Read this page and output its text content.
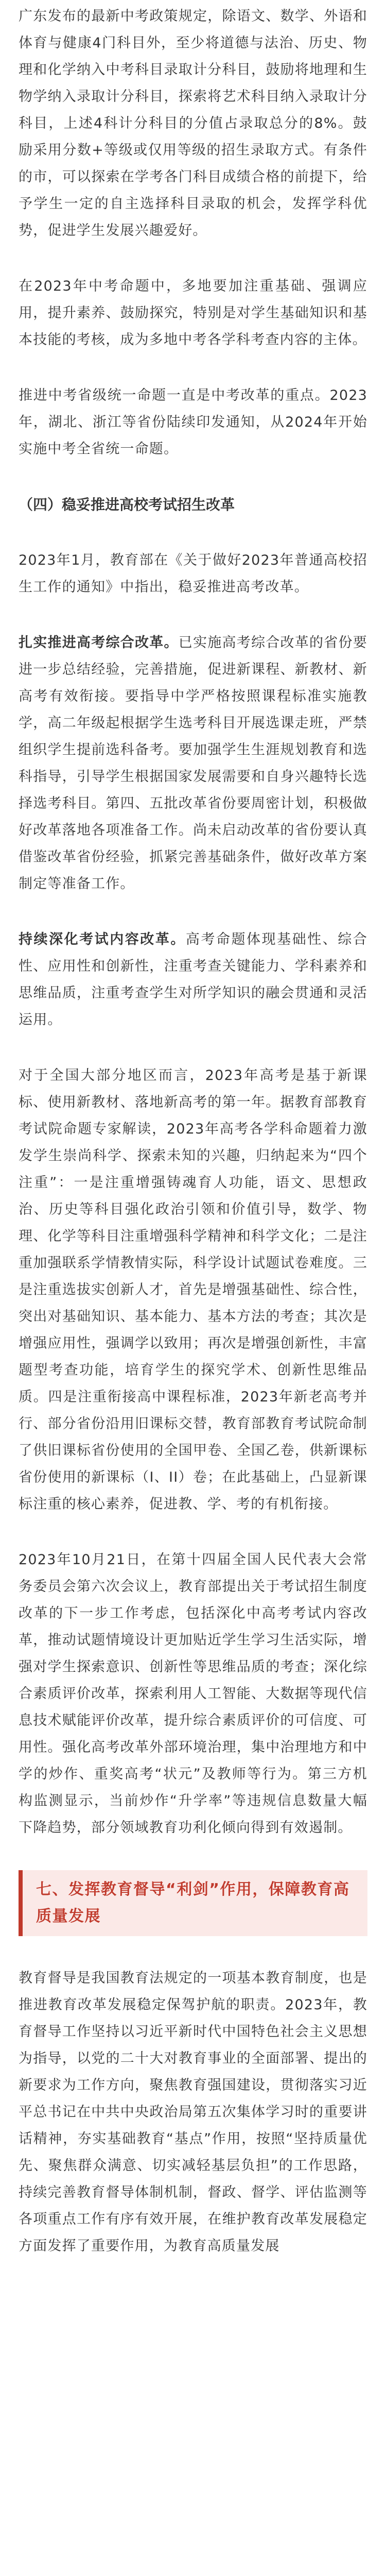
广东发布的最新中考政策规定，除语文、数学、外语和体育与健康4门科目外，至少将道德与法治、历史、物理和化学纳入中考科目录取计分科目，鼓励将地理和生物学纳入录取计分科目，探索将艺术科目纳入录取计分科目，上述4科计分科目的分值占录取总分的8%。鼓励采用分数+等级或仅用等级的招生录取方式。有条件的市，可以探索在学考各门科目成绩合格的前提下，给予学生一定的自主选择科目录取的机会，发挥学科优势，促进学生发展兴趣爱好。

在2023年中考命题中，多地要加注重基础、强调应用，提升素养、鼓励探究，特别是对学生基础知识和基本技能的考核，成为多地中考各学科考查内容的主体。

推进中考省级统一命题一直是中考改革的重点。2023年，湖北、浙江等省份陆续印发通知，从2024年开始实施中考全省统一命题。

（四）稳妥推进高校考试招生改革

2023年1月，教育部在《关于做好2023年普通高校招生工作的通知》中指出，稳妥推进高考改革。

扎实推进高考综合改革。已实施高考综合改革的省份要进一步总结经验，完善措施，促进新课程、新教材、新高考有效衔接。要指导中学严格按照课程标准实施教学，高二年级起根据学生选考科目开展选课走班，严禁组织学生提前选科备考。要加强学生生涯规划教育和选科指导，引导学生根据国家发展需要和自身兴趣特长选择选考科目。第四、五批改革省份要周密计划，积极做好改革落地各项准备工作。尚未启动改革的省份要认真借鉴改革省份经验，抓紧完善基础条件，做好改革方案制定等准备工作。

持续深化考试内容改革。高考命题体现基础性、综合性、应用性和创新性，注重考查关键能力、学科素养和思维品质，注重考查学生对所学知识的融会贯通和灵活运用。

对于全国大部分地区而言，2023年高考是基于新课标、使用新教材、落地新高考的第一年。据教育部教育考试院命题专家解读，2023年高考各学科命题着力激发学生崇尚科学、探索未知的兴趣，归纳起来为“四个注重”：一是注重增强铸魂育人功能，语文、思想政治、历史等科目强化政治引领和价值引导，数学、物理、化学等科目注重增强科学精神和科学文化；二是注重加强联系学情教情实际，科学设计试题试卷难度。三是注重选拔实创新人才，首先是增强基础性、综合性，突出对基础知识、基本能力、基本方法的考查；其次是增强应用性，强调学以致用；再次是增强创新性，丰富题型考查功能，培育学生的探究学术、创新性思维品质。四是注重衔接高中课程标准，2023年新老高考并行、部分省份沿用旧课标交替，教育部教育考试院命制了供旧课标省份使用的全国甲卷、全国乙卷，供新课标省份使用的新课标（I、II）卷；在此基础上，凸显新课标注重的核心素养，促进教、学、考的有机衔接。

2023年10月21日，在第十四届全国人民代表大会常务委员会第六次会议上，教育部提出关于考试招生制度改革的下一步工作考虑，包括深化中高考考试内容改革，推动试题情境设计更加贴近学生学习生活实际，增强对学生探索意识、创新性等思维品质的考查；深化综合素质评价改革，探索利用人工智能、大数据等现代信息技术赋能评价改革，提升综合素质评价的可信度、可用性。强化高考改革外部环境治理，集中治理地方和中学的炒作、重奖高考“状元”及教师等行为。第三方机构监测显示，当前炒作“升学率”等违规信息数量大幅下降趋势，部分领域教育功利化倾向得到有效遏制。

七、发挥教育督导“利剑”作用，保障教育高质量发展

教育督导是我国教育法规定的一项基本教育制度，也是推进教育改革发展稳定保驾护航的职责。2023年，教育督导工作坚持以习近平新时代中国特色社会主义思想为指导，以党的二十大对教育事业的全面部署、提出的新要求为工作方向，聚焦教育强国建设，贯彻落实习近平总书记在中共中央政治局第五次集体学习时的重要讲话精神，夯实基础教育“基点”作用，按照“坚持质量优先、聚焦群众满意、切实减轻基层负担”的工作思路，持续完善教育督导体制机制，督政、督学、评估监测等各项重点工作有序有效开展，在维护教育改革发展稳定方面发挥了重要作用，为教育高质量发展
